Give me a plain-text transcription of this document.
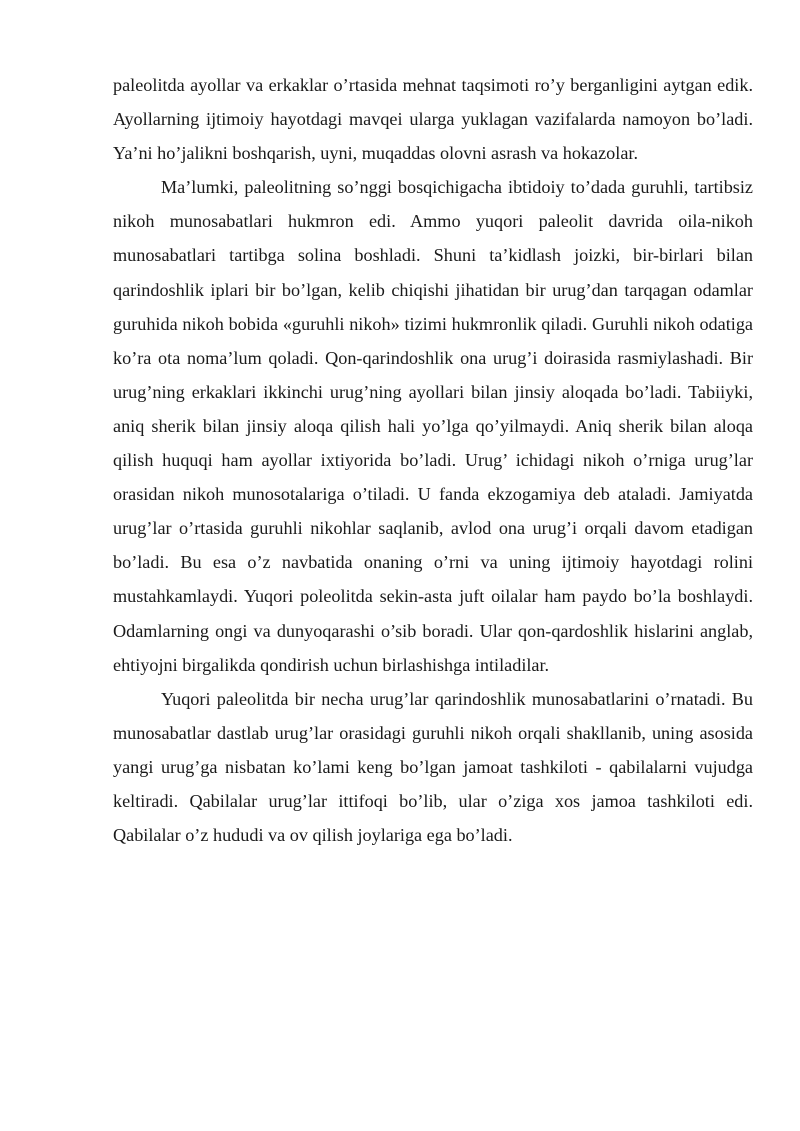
paleolitda ayollar va erkaklar o’rtasida mehnat taqsimoti ro’y berganligini aytgan edik. Ayollarning ijtimoiy hayotdagi mavqei ularga yuklagan vazifalarda namoyon bo’ladi. Ya’ni ho’jalikni boshqarish, uyni, muqaddas olovni asrash va hokazolar.

Ma’lumki, paleolitning so’nggi bosqichigacha ibtidoiy to’dada guruhli, tartibsiz nikoh munosabatlari hukmron edi. Ammo yuqori paleolit davrida oila-nikoh munosabatlari tartibga solina boshladi. Shuni ta’kidlash joizki, bir-birlari bilan qarindoshlik iplari bir bo’lgan, kelib chiqishi jihatidan bir urug’dan tarqagan odamlar guruhida nikoh bobida «guruhli nikoh» tizimi hukmronlik qiladi. Guruhli nikoh odatiga ko’ra ota noma’lum qoladi. Qon-qarindoshlik ona urug’i doirasida rasmiylashadi. Bir urug’ning erkaklari ikkinchi urug’ning ayollari bilan jinsiy aloqada bo’ladi. Tabiiyki, aniq sherik bilan jinsiy aloqa qilish hali yo’lga qo’yilmaydi. Aniq sherik bilan aloqa qilish huquqi ham ayollar ixtiyorida bo’ladi. Urug’ ichidagi nikoh o’rniga urug’lar orasidan nikoh munosotalariga o’tiladi. U fanda ekzogamiya deb ataladi. Jamiyatda urug’lar o’rtasida guruhli nikohlar saqlanib, avlod ona urug’i orqali davom etadigan bo’ladi. Bu esa o’z navbatida onaning o’rni va uning ijtimoiy hayotdagi rolini mustahkamlaydi. Yuqori poleolitda sekin-asta juft oilalar ham paydo bo’la boshlaydi. Odamlarning ongi va dunyoqarashi o’sib boradi. Ular qon-qardoshlik hislarini anglab, ehtiyojni birgalikda qondirish uchun birlashishga intiladilar.

Yuqori paleolitda bir necha urug’lar qarindoshlik munosabatlarini o’rnatadi. Bu munosabatlar dastlab urug’lar orasidagi guruhli nikoh orqali shakllanib, uning asosida yangi urug’ga nisbatan ko’lami keng bo’lgan jamoat tashkiloti - qabilalarni vujudga keltiradi. Qabilalar urug’lar ittifoqi bo’lib, ular o’ziga xos jamoa tashkiloti edi. Qabilalar o’z hududi va ov qilish joylariga ega bo’ladi.
